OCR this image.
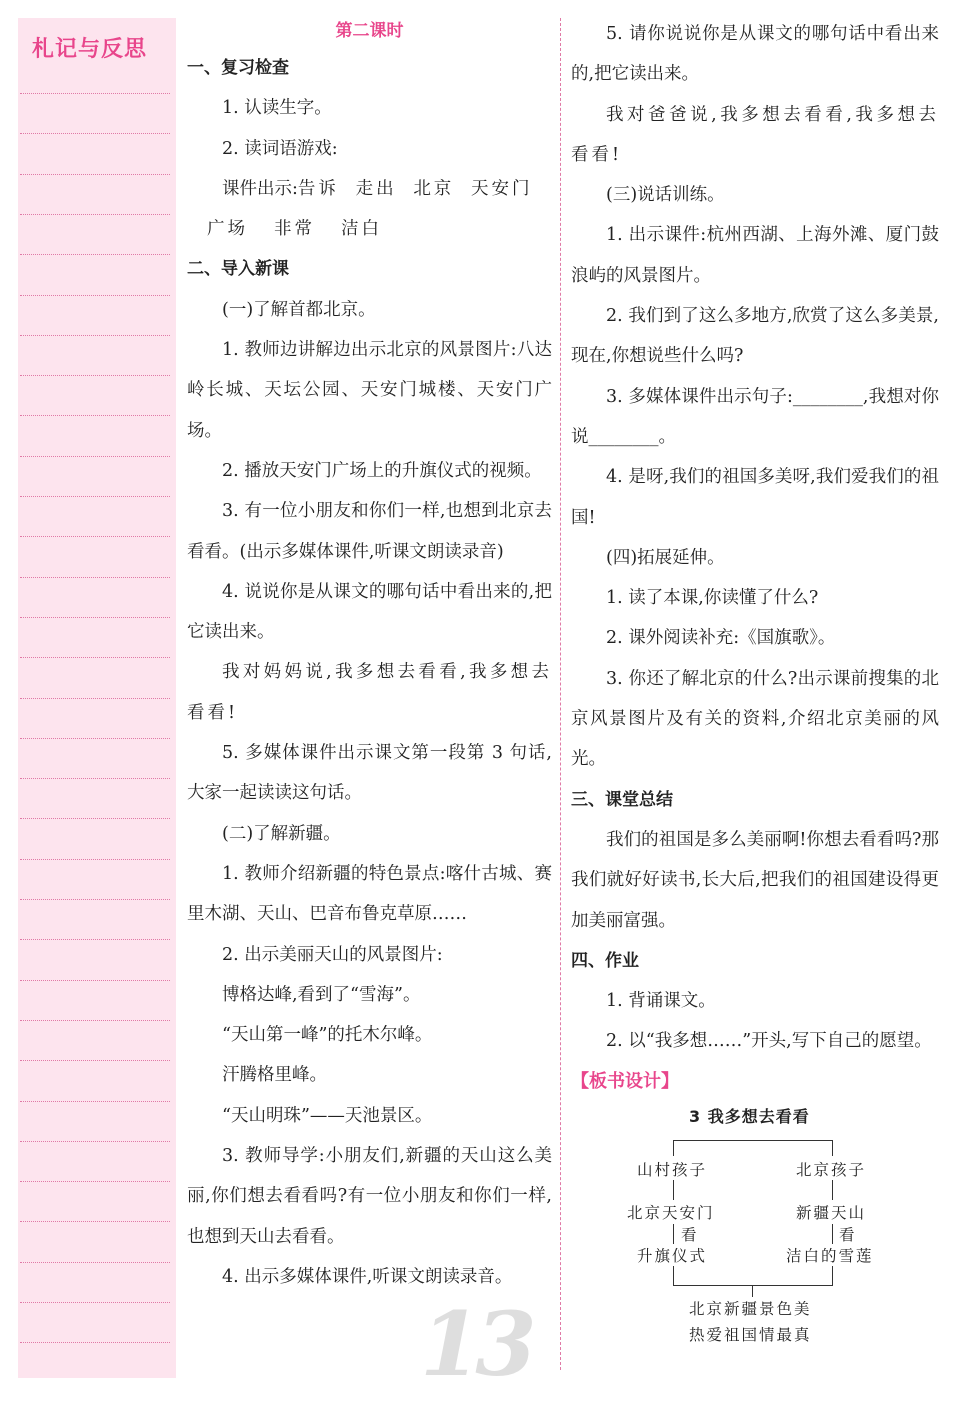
札记与反思

第二课时

一、复习检查

1. 认读生字。

2. 读词语游戏:

课件出示:告诉 走出 北京 天安门

广场 非常 洁白

二、导入新课

(一)了解首都北京。

1. 教师边讲解边出示北京的风景图片:八达岭长城、天坛公园、天安门城楼、天安门广场。

2. 播放天安门广场上的升旗仪式的视频。

3. 有一位小朋友和你们一样,也想到北京去看看。(出示多媒体课件,听课文朗读录音)

4. 说说你是从课文的哪句话中看出来的,把它读出来。

我对妈妈说,我多想去看看,我多想去看看!

5. 多媒体课件出示课文第一段第 3 句话,大家一起读读这句话。

(二)了解新疆。

1. 教师介绍新疆的特色景点:喀什古城、赛里木湖、天山、巴音布鲁克草原……

2. 出示美丽天山的风景图片:

博格达峰,看到了“雪海”。

“天山第一峰”的托木尔峰。

汗腾格里峰。

“天山明珠”——天池景区。

3. 教师导学:小朋友们,新疆的天山这么美丽,你们想去看看吗?有一位小朋友和你们一样,也想到天山去看看。

4. 出示多媒体课件,听课文朗读录音。

5. 请你说说你是从课文的哪句话中看出来的,把它读出来。

我对爸爸说,我多想去看看,我多想去看看!

(三)说话训练。

1. 出示课件:杭州西湖、上海外滩、厦门鼓浪屿的风景图片。

2. 我们到了这么多地方,欣赏了这么多美景,现在,你想说些什么吗?

3. 多媒体课件出示句子:________,我想对你说________。

4. 是呀,我们的祖国多美呀,我们爱我们的祖国!

(四)拓展延伸。

1. 读了本课,你读懂了什么?

2. 课外阅读补充:《国旗歌》。

3. 你还了解北京的什么?出示课前搜集的北京风景图片及有关的资料,介绍北京美丽的风光。

三、课堂总结

我们的祖国是多么美丽啊!你想去看看吗?那我们就好好读书,长大后,把我们的祖国建设得更加美丽富强。

四、作业

1. 背诵课文。

2. 以“我多想……”开头,写下自己的愿望。

【板书设计】

3 我多想去看看
山村孩子	北京孩子
北京天安门	新疆天山
看	看
升旗仪式	洁白的雪莲
北京新疆景色美
热爱祖国情最真
13
